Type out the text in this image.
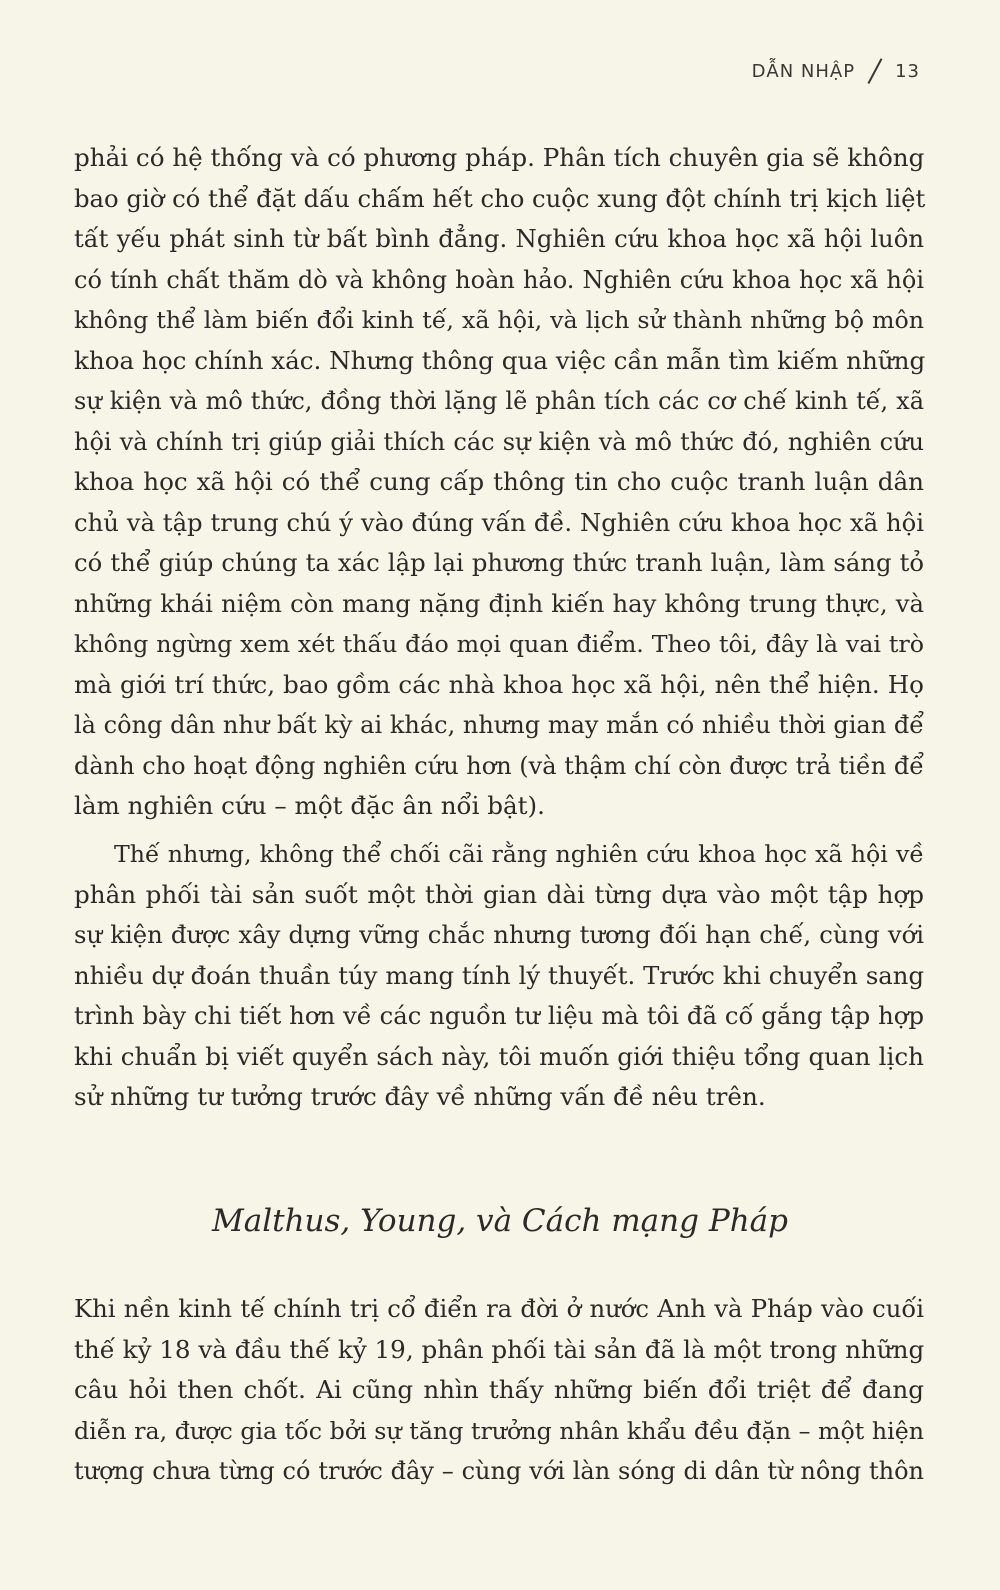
DẪN NHẬP 13
phải có hệ thống và có phương pháp. Phân tích chuyên gia sẽ không
bao giờ có thể đặt dấu chấm hết cho cuộc xung đột chính trị kịch liệt
tất yếu phát sinh từ bất bình đẳng. Nghiên cứu khoa học xã hội luôn
có tính chất thăm dò và không hoàn hảo. Nghiên cứu khoa học xã hội
không thể làm biến đổi kinh tế, xã hội, và lịch sử thành những bộ môn
khoa học chính xác. Nhưng thông qua việc cần mẫn tìm kiếm những
sự kiện và mô thức, đồng thời lặng lẽ phân tích các cơ chế kinh tế, xã
hội và chính trị giúp giải thích các sự kiện và mô thức đó, nghiên cứu
khoa học xã hội có thể cung cấp thông tin cho cuộc tranh luận dân
chủ và tập trung chú ý vào đúng vấn đề. Nghiên cứu khoa học xã hội
có thể giúp chúng ta xác lập lại phương thức tranh luận, làm sáng tỏ
những khái niệm còn mang nặng định kiến hay không trung thực, và
không ngừng xem xét thấu đáo mọi quan điểm. Theo tôi, đây là vai trò
mà giới trí thức, bao gồm các nhà khoa học xã hội, nên thể hiện. Họ
là công dân như bất kỳ ai khác, nhưng may mắn có nhiều thời gian để
dành cho hoạt động nghiên cứu hơn (và thậm chí còn được trả tiền để
làm nghiên cứu – một đặc ân nổi bật).
Thế nhưng, không thể chối cãi rằng nghiên cứu khoa học xã hội về
phân phối tài sản suốt một thời gian dài từng dựa vào một tập hợp
sự kiện được xây dựng vững chắc nhưng tương đối hạn chế, cùng với
nhiều dự đoán thuần túy mang tính lý thuyết. Trước khi chuyển sang
trình bày chi tiết hơn về các nguồn tư liệu mà tôi đã cố gắng tập hợp
khi chuẩn bị viết quyển sách này, tôi muốn giới thiệu tổng quan lịch
sử những tư tưởng trước đây về những vấn đề nêu trên.
Malthus, Young, và Cách mạng Pháp
Khi nền kinh tế chính trị cổ điển ra đời ở nước Anh và Pháp vào cuối
thế kỷ 18 và đầu thế kỷ 19, phân phối tài sản đã là một trong những
câu hỏi then chốt. Ai cũng nhìn thấy những biến đổi triệt để đang
diễn ra, được gia tốc bởi sự tăng trưởng nhân khẩu đều đặn – một hiện
tượng chưa từng có trước đây – cùng với làn sóng di dân từ nông thôn
